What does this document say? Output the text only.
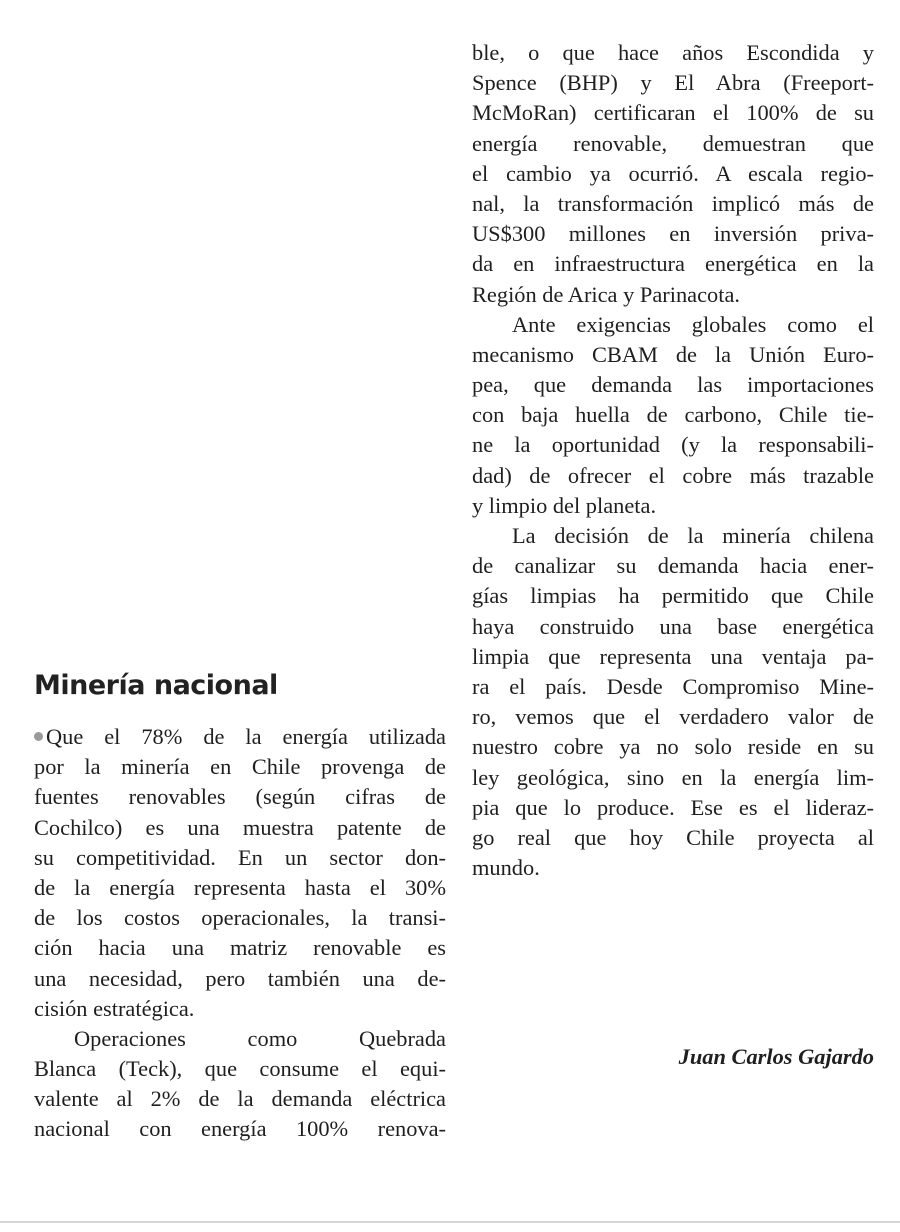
Minería nacional
Que el 78% de la energía utilizada
por la minería en Chile provenga de
fuentes renovables (según cifras de
Cochilco) es una muestra patente de
su competitividad. En un sector don-
de la energía representa hasta el 30%
de los costos operacionales, la transi-
ción hacia una matriz renovable es
una necesidad, pero también una de-
cisión estratégica.
Operaciones como Quebrada
Blanca (Teck), que consume el equi-
valente al 2% de la demanda eléctrica
nacional con energía 100% renova-
ble, o que hace años Escondida y
Spence (BHP) y El Abra (Freeport-
McMoRan) certificaran el 100% de su
energía renovable, demuestran que
el cambio ya ocurrió. A escala regio-
nal, la transformación implicó más de
US$300 millones en inversión priva-
da en infraestructura energética en la
Región de Arica y Parinacota.
Ante exigencias globales como el
mecanismo CBAM de la Unión Euro-
pea, que demanda las importaciones
con baja huella de carbono, Chile tie-
ne la oportunidad (y la responsabili-
dad) de ofrecer el cobre más trazable
y limpio del planeta.
La decisión de la minería chilena
de canalizar su demanda hacia ener-
gías limpias ha permitido que Chile
haya construido una base energética
limpia que representa una ventaja pa-
ra el país. Desde Compromiso Mine-
ro, vemos que el verdadero valor de
nuestro cobre ya no solo reside en su
ley geológica, sino en la energía lim-
pia que lo produce. Ese es el lideraz-
go real que hoy Chile proyecta al
mundo.
Juan Carlos Gajardo
